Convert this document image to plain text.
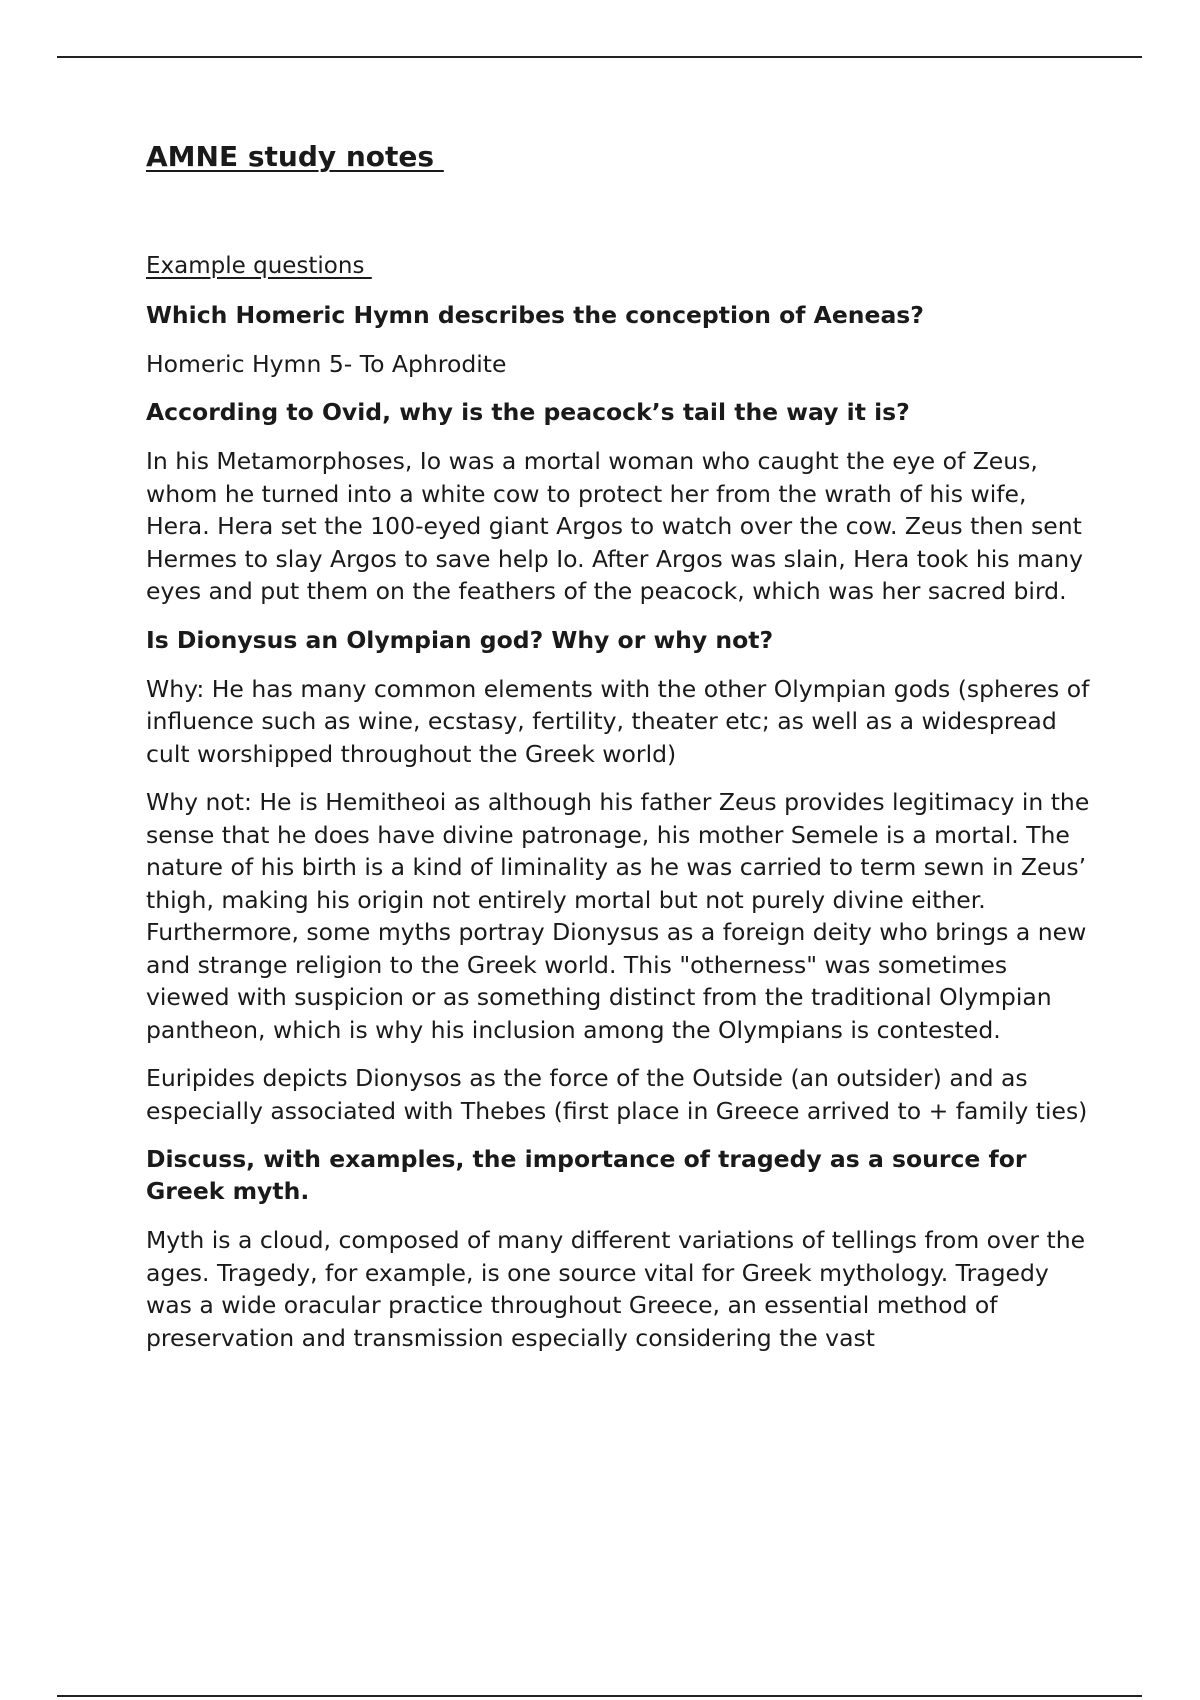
AMNE study notes
Example questions

Which Homeric Hymn describes the conception of Aeneas?

Homeric Hymn 5- To Aphrodite

According to Ovid, why is the peacock’s tail the way it is?

In his Metamorphoses, Io was a mortal woman who caught the eye of Zeus, whom he turned into a white cow to protect her from the wrath of his wife, Hera. Hera set the 100-eyed giant Argos to watch over the cow. Zeus then sent Hermes to slay Argos to save help Io. After Argos was slain, Hera took his many eyes and put them on the feathers of the peacock, which was her sacred bird.

Is Dionysus an Olympian god? Why or why not?

Why: He has many common elements with the other Olympian gods (spheres of influence such as wine, ecstasy, fertility, theater etc; as well as a widespread cult worshipped throughout the Greek world)

Why not: He is Hemitheoi as although his father Zeus provides legitimacy in the sense that he does have divine patronage, his mother Semele is a mortal. The nature of his birth is a kind of liminality as he was carried to term sewn in Zeus’ thigh, making his origin not entirely mortal but not purely divine either. Furthermore, some myths portray Dionysus as a foreign deity who brings a new and strange religion to the Greek world. This "otherness" was sometimes viewed with suspicion or as something distinct from the traditional Olympian pantheon, which is why his inclusion among the Olympians is contested.

Euripides depicts Dionysos as the force of the Outside (an outsider) and as especially associated with Thebes (first place in Greece arrived to + family ties)

Discuss, with examples, the importance of tragedy as a source for Greek myth.

Myth is a cloud, composed of many different variations of tellings from over the ages. Tragedy, for example, is one source vital for Greek mythology. Tragedy was a wide oracular practice throughout Greece, an essential method of preservation and transmission especially considering the vast
